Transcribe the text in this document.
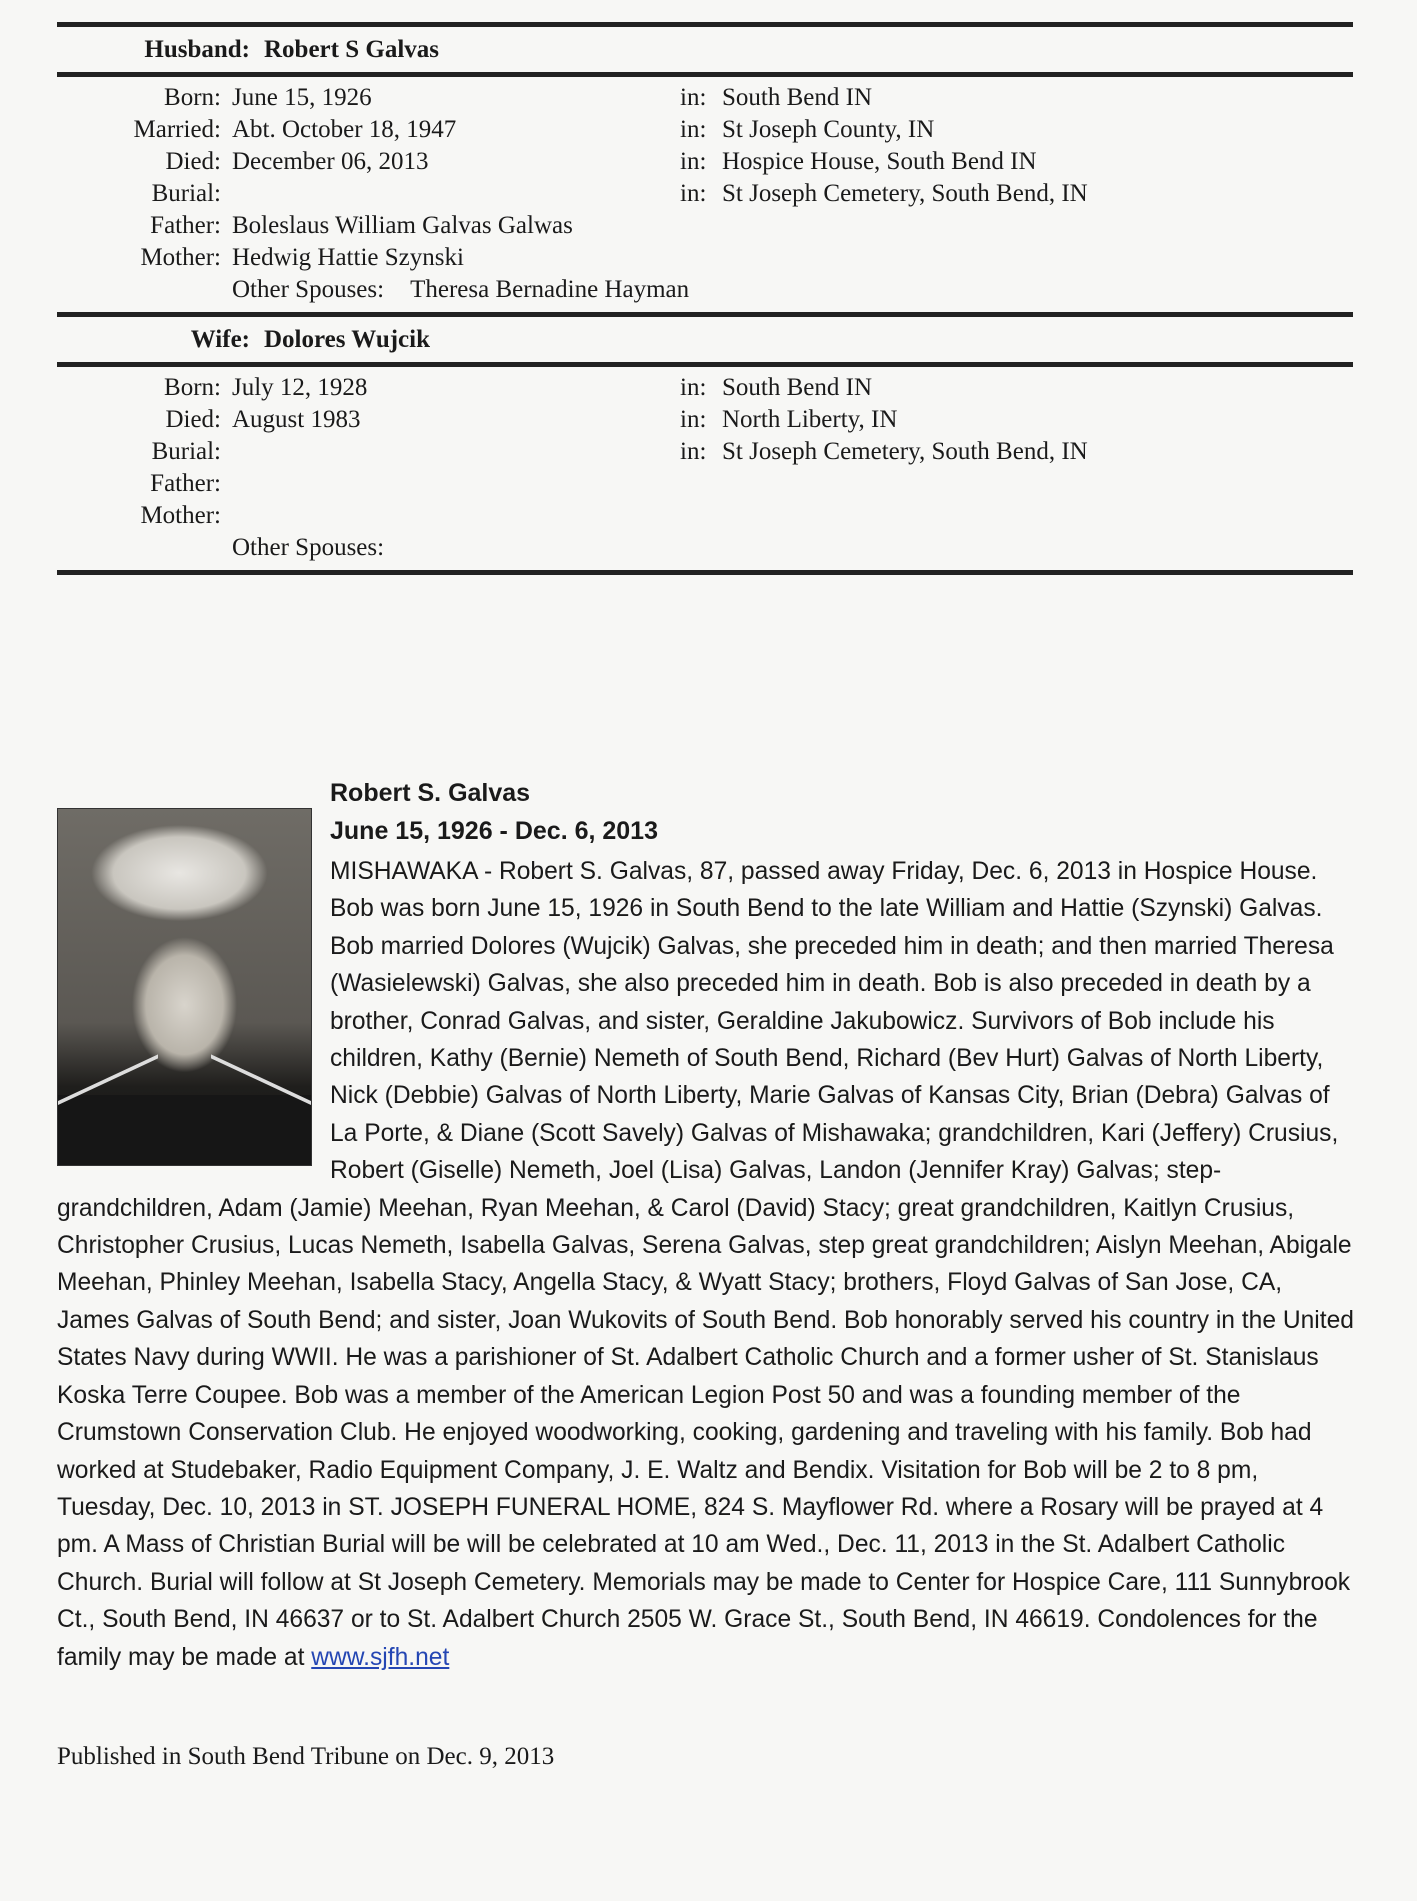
Husband: Robert S Galvas
Born: June 15, 1926	in: South Bend IN
Married: Abt. October 18, 1947	in: St Joseph County, IN
Died: December 06, 2013	in: Hospice House, South Bend IN
Burial:	in: St Joseph Cemetery, South Bend, IN
Father: Boleslaus William Galvas Galwas
Mother: Hedwig Hattie Szynski
Other Spouses: Theresa Bernadine Hayman
Wife: Dolores Wujcik
Born: July 12, 1928	in: South Bend IN
Died: August 1983	in: North Liberty, IN
Burial:	in: St Joseph Cemetery, South Bend, IN
Father:
Mother:
Other Spouses:
Robert S. Galvas
June 15, 1926 - Dec. 6, 2013

MISHAWAKA - Robert S. Galvas, 87, passed away Friday, Dec. 6, 2013 in Hospice House. Bob was born June 15, 1926 in South Bend to the late William and Hattie (Szynski) Galvas. Bob married Dolores (Wujcik) Galvas, she preceded him in death; and then married Theresa (Wasielewski) Galvas, she also preceded him in death. Bob is also preceded in death by a brother, Conrad Galvas, and sister, Geraldine Jakubowicz. Survivors of Bob include his children, Kathy (Bernie) Nemeth of South Bend, Richard (Bev Hurt) Galvas of North Liberty, Nick (Debbie) Galvas of North Liberty, Marie Galvas of Kansas City, Brian (Debra) Galvas of La Porte, & Diane (Scott Savely) Galvas of Mishawaka; grandchildren, Kari (Jeffery) Crusius, Robert (Giselle) Nemeth, Joel (Lisa) Galvas, Landon (Jennifer Kray) Galvas; step-grandchildren, Adam (Jamie) Meehan, Ryan Meehan, & Carol (David) Stacy; great grandchildren, Kaitlyn Crusius, Christopher Crusius, Lucas Nemeth, Isabella Galvas, Serena Galvas, step great grandchildren; Aislyn Meehan, Abigale Meehan, Phinley Meehan, Isabella Stacy, Angella Stacy, & Wyatt Stacy; brothers, Floyd Galvas of San Jose, CA, James Galvas of South Bend; and sister, Joan Wukovits of South Bend. Bob honorably served his country in the United States Navy during WWII. He was a parishioner of St. Adalbert Catholic Church and a former usher of St. Stanislaus Koska Terre Coupee. Bob was a member of the American Legion Post 50 and was a founding member of the Crumstown Conservation Club. He enjoyed woodworking, cooking, gardening and traveling with his family. Bob had worked at Studebaker, Radio Equipment Company, J. E. Waltz and Bendix. Visitation for Bob will be 2 to 8 pm, Tuesday, Dec. 10, 2013 in ST. JOSEPH FUNERAL HOME, 824 S. Mayflower Rd. where a Rosary will be prayed at 4 pm. A Mass of Christian Burial will be will be celebrated at 10 am Wed., Dec. 11, 2013 in the St. Adalbert Catholic Church. Burial will follow at St Joseph Cemetery. Memorials may be made to Center for Hospice Care, 111 Sunnybrook Ct., South Bend, IN 46637 or to St. Adalbert Church 2505 W. Grace St., South Bend, IN 46619. Condolences for the family may be made at www.sjfh.net

Published in South Bend Tribune on Dec. 9, 2013
